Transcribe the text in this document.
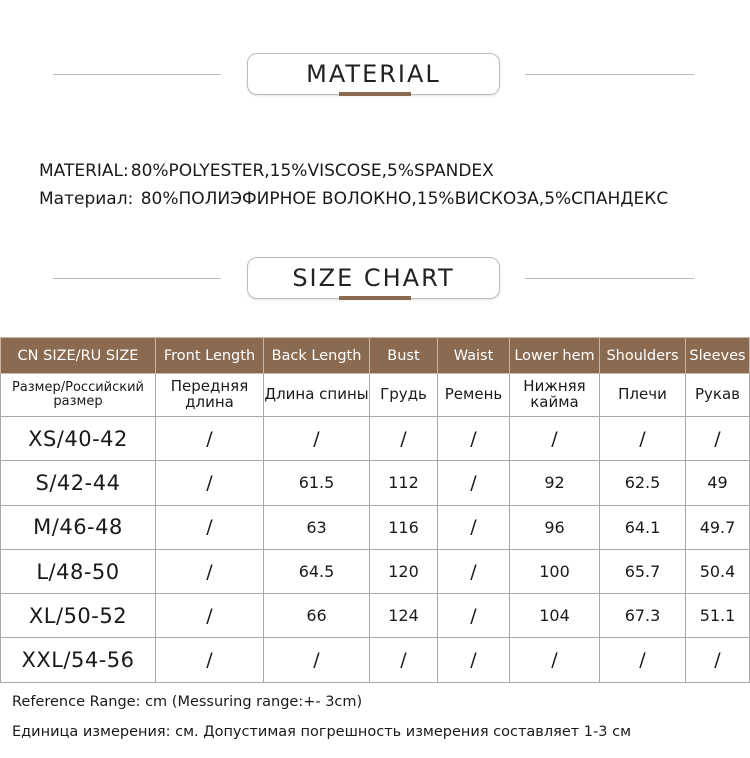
MATERIAL
MATERIAL: 80%POLYESTER,15%VISCOSE,5%SPANDEX
Материал: 80%ПОЛИЭФИРНОЕ ВОЛОКНО,15%ВИСКОЗА,5%СПАНДЕКС
SIZE CHART
CN SIZE/RU SIZE	Front Length	Back Length	Bust	Waist	Lower hem	Shoulders	Sleeves
Размер/Российский размер	Передняя длина	Длина спины	Грудь	Ремень	Нижняя кайма	Плечи	Рукав
XS/40-42	/	/	/	/	/	/	/
S/42-44	/	61.5	112	/	92	62.5	49
M/46-48	/	63	116	/	96	64.1	49.7
L/48-50	/	64.5	120	/	100	65.7	50.4
XL/50-52	/	66	124	/	104	67.3	51.1
XXL/54-56	/	/	/	/	/	/	/
Reference Range: cm (Messuring range:+- 3cm)
Единица измерения: см. Допустимая погрешность измерения составляет 1-3 см
